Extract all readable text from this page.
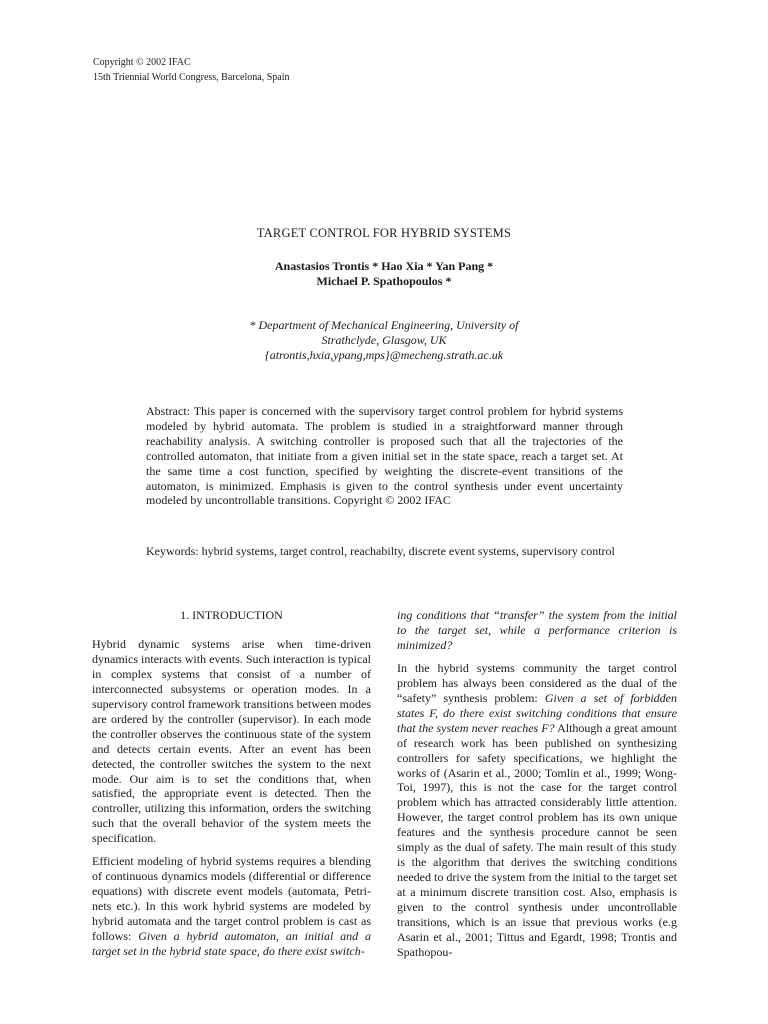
Copyright © 2002 IFAC
15th Triennial World Congress, Barcelona, Spain
TARGET CONTROL FOR HYBRID SYSTEMS
Anastasios Trontis * Hao Xia * Yan Pang *
Michael P. Spathopoulos *
* Department of Mechanical Engineering, University of
Strathclyde, Glasgow, UK
{atrontis,hxia,ypang,mps}@mecheng.strath.ac.uk
Abstract: This paper is concerned with the supervisory target control problem for hybrid systems modeled by hybrid automata. The problem is studied in a straightforward manner through reachability analysis. A switching controller is proposed such that all the trajectories of the controlled automaton, that initiate from a given initial set in the state space, reach a target set. At the same time a cost function, specified by weighting the discrete-event transitions of the automaton, is minimized. Emphasis is given to the control synthesis under event uncertainty modeled by uncontrollable transitions. Copyright © 2002 IFAC
Keywords: hybrid systems, target control, reachabilty, discrete event systems, supervisory control
1. INTRODUCTION

Hybrid dynamic systems arise when time-driven dynamics interacts with events. Such interaction is typical in complex systems that consist of a number of interconnected subsystems or operation modes. In a supervisory control framework transitions between modes are ordered by the controller (supervisor). In each mode the controller observes the continuous state of the system and detects certain events. After an event has been detected, the controller switches the system to the next mode. Our aim is to set the conditions that, when satisfied, the appropriate event is detected. Then the controller, utilizing this information, orders the switching such that the overall behavior of the system meets the specification.

Efficient modeling of hybrid systems requires a blending of continuous dynamics models (differential or difference equations) with discrete event models (automata, Petri-nets etc.). In this work hybrid systems are modeled by hybrid automata and the target control problem is cast as follows: Given a hybrid automaton, an initial and a target set in the hybrid state space, do there exist switch-

ing conditions that “transfer” the system from the initial to the target set, while a performance criterion is minimized?

In the hybrid systems community the target control problem has always been considered as the dual of the “safety” synthesis problem: Given a set of forbidden states F, do there exist switching conditions that ensure that the system never reaches F? Although a great amount of research work has been published on synthesizing controllers for safety specifications, we highlight the works of (Asarin et al., 2000; Tomlin et al., 1999; Wong-Toi, 1997), this is not the case for the target control problem which has attracted considerably little attention. However, the target control problem has its own unique features and the synthesis procedure cannot be seen simply as the dual of safety. The main result of this study is the algorithm that derives the switching conditions needed to drive the system from the initial to the target set at a minimum discrete transition cost. Also, emphasis is given to the control synthesis under uncontrollable transitions, which is an issue that previous works (e.g Asarin et al., 2001; Tittus and Egardt, 1998; Trontis and Spathopou-
